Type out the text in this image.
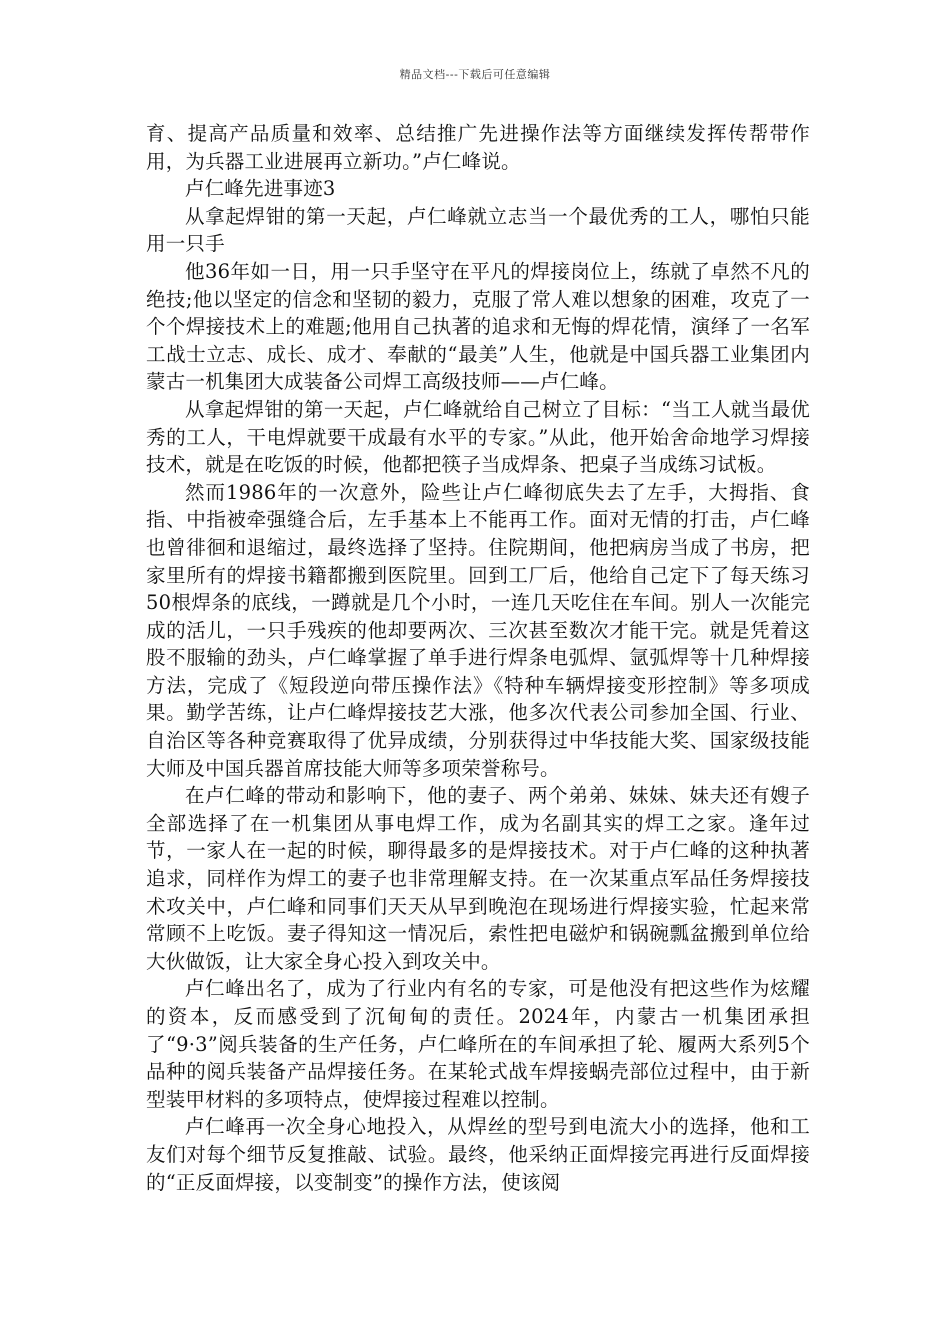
精品文档---下载后可任意编辑

育、提高产品质量和效率、总结推广先进操作法等方面继续发挥传帮带作用，为兵器工业进展再立新功。”卢仁峰说。

卢仁峰先进事迹3

从拿起焊钳的第一天起，卢仁峰就立志当一个最优秀的工人，哪怕只能用一只手

他36年如一日，用一只手坚守在平凡的焊接岗位上，练就了卓然不凡的绝技;他以坚定的信念和坚韧的毅力，克服了常人难以想象的困难，攻克了一个个焊接技术上的难题;他用自己执著的追求和无悔的焊花情，演绎了一名军工战士立志、成长、成才、奉献的“最美”人生，他就是中国兵器工业集团内蒙古一机集团大成装备公司焊工高级技师——卢仁峰。

从拿起焊钳的第一天起，卢仁峰就给自己树立了目标：“当工人就当最优秀的工人，干电焊就要干成最有水平的专家。”从此，他开始舍命地学习焊接技术，就是在吃饭的时候，他都把筷子当成焊条、把桌子当成练习试板。

然而1986年的一次意外，险些让卢仁峰彻底失去了左手，大拇指、食指、中指被牵强缝合后，左手基本上不能再工作。面对无情的打击，卢仁峰也曾徘徊和退缩过，最终选择了坚持。住院期间，他把病房当成了书房，把家里所有的焊接书籍都搬到医院里。回到工厂后，他给自己定下了每天练习50根焊条的底线，一蹲就是几个小时，一连几天吃住在车间。别人一次能完成的活儿，一只手残疾的他却要两次、三次甚至数次才能干完。就是凭着这股不服输的劲头，卢仁峰掌握了单手进行焊条电弧焊、氩弧焊等十几种焊接方法，完成了《短段逆向带压操作法》《特种车辆焊接变形控制》等多项成果。勤学苦练，让卢仁峰焊接技艺大涨，他多次代表公司参加全国、行业、自治区等各种竞赛取得了优异成绩，分别获得过中华技能大奖、国家级技能大师及中国兵器首席技能大师等多项荣誉称号。

在卢仁峰的带动和影响下，他的妻子、两个弟弟、妹妹、妹夫还有嫂子全部选择了在一机集团从事电焊工作，成为名副其实的焊工之家。逢年过节，一家人在一起的时候，聊得最多的是焊接技术。对于卢仁峰的这种执著追求，同样作为焊工的妻子也非常理解支持。在一次某重点军品任务焊接技术攻关中，卢仁峰和同事们天天从早到晚泡在现场进行焊接实验，忙起来常常顾不上吃饭。妻子得知这一情况后，索性把电磁炉和锅碗瓢盆搬到单位给大伙做饭，让大家全身心投入到攻关中。

卢仁峰出名了，成为了行业内有名的专家，可是他没有把这些作为炫耀的资本，反而感受到了沉甸甸的责任。2024年，内蒙古一机集团承担了“9·3”阅兵装备的生产任务，卢仁峰所在的车间承担了轮、履两大系列5个品种的阅兵装备产品焊接任务。在某轮式战车焊接蜗壳部位过程中，由于新型装甲材料的多项特点，使焊接过程难以控制。

卢仁峰再一次全身心地投入，从焊丝的型号到电流大小的选择，他和工友们对每个细节反复推敲、试验。最终，他采纳正面焊接完再进行反面焊接的“正反面焊接，以变制变”的操作方法，使该阅
